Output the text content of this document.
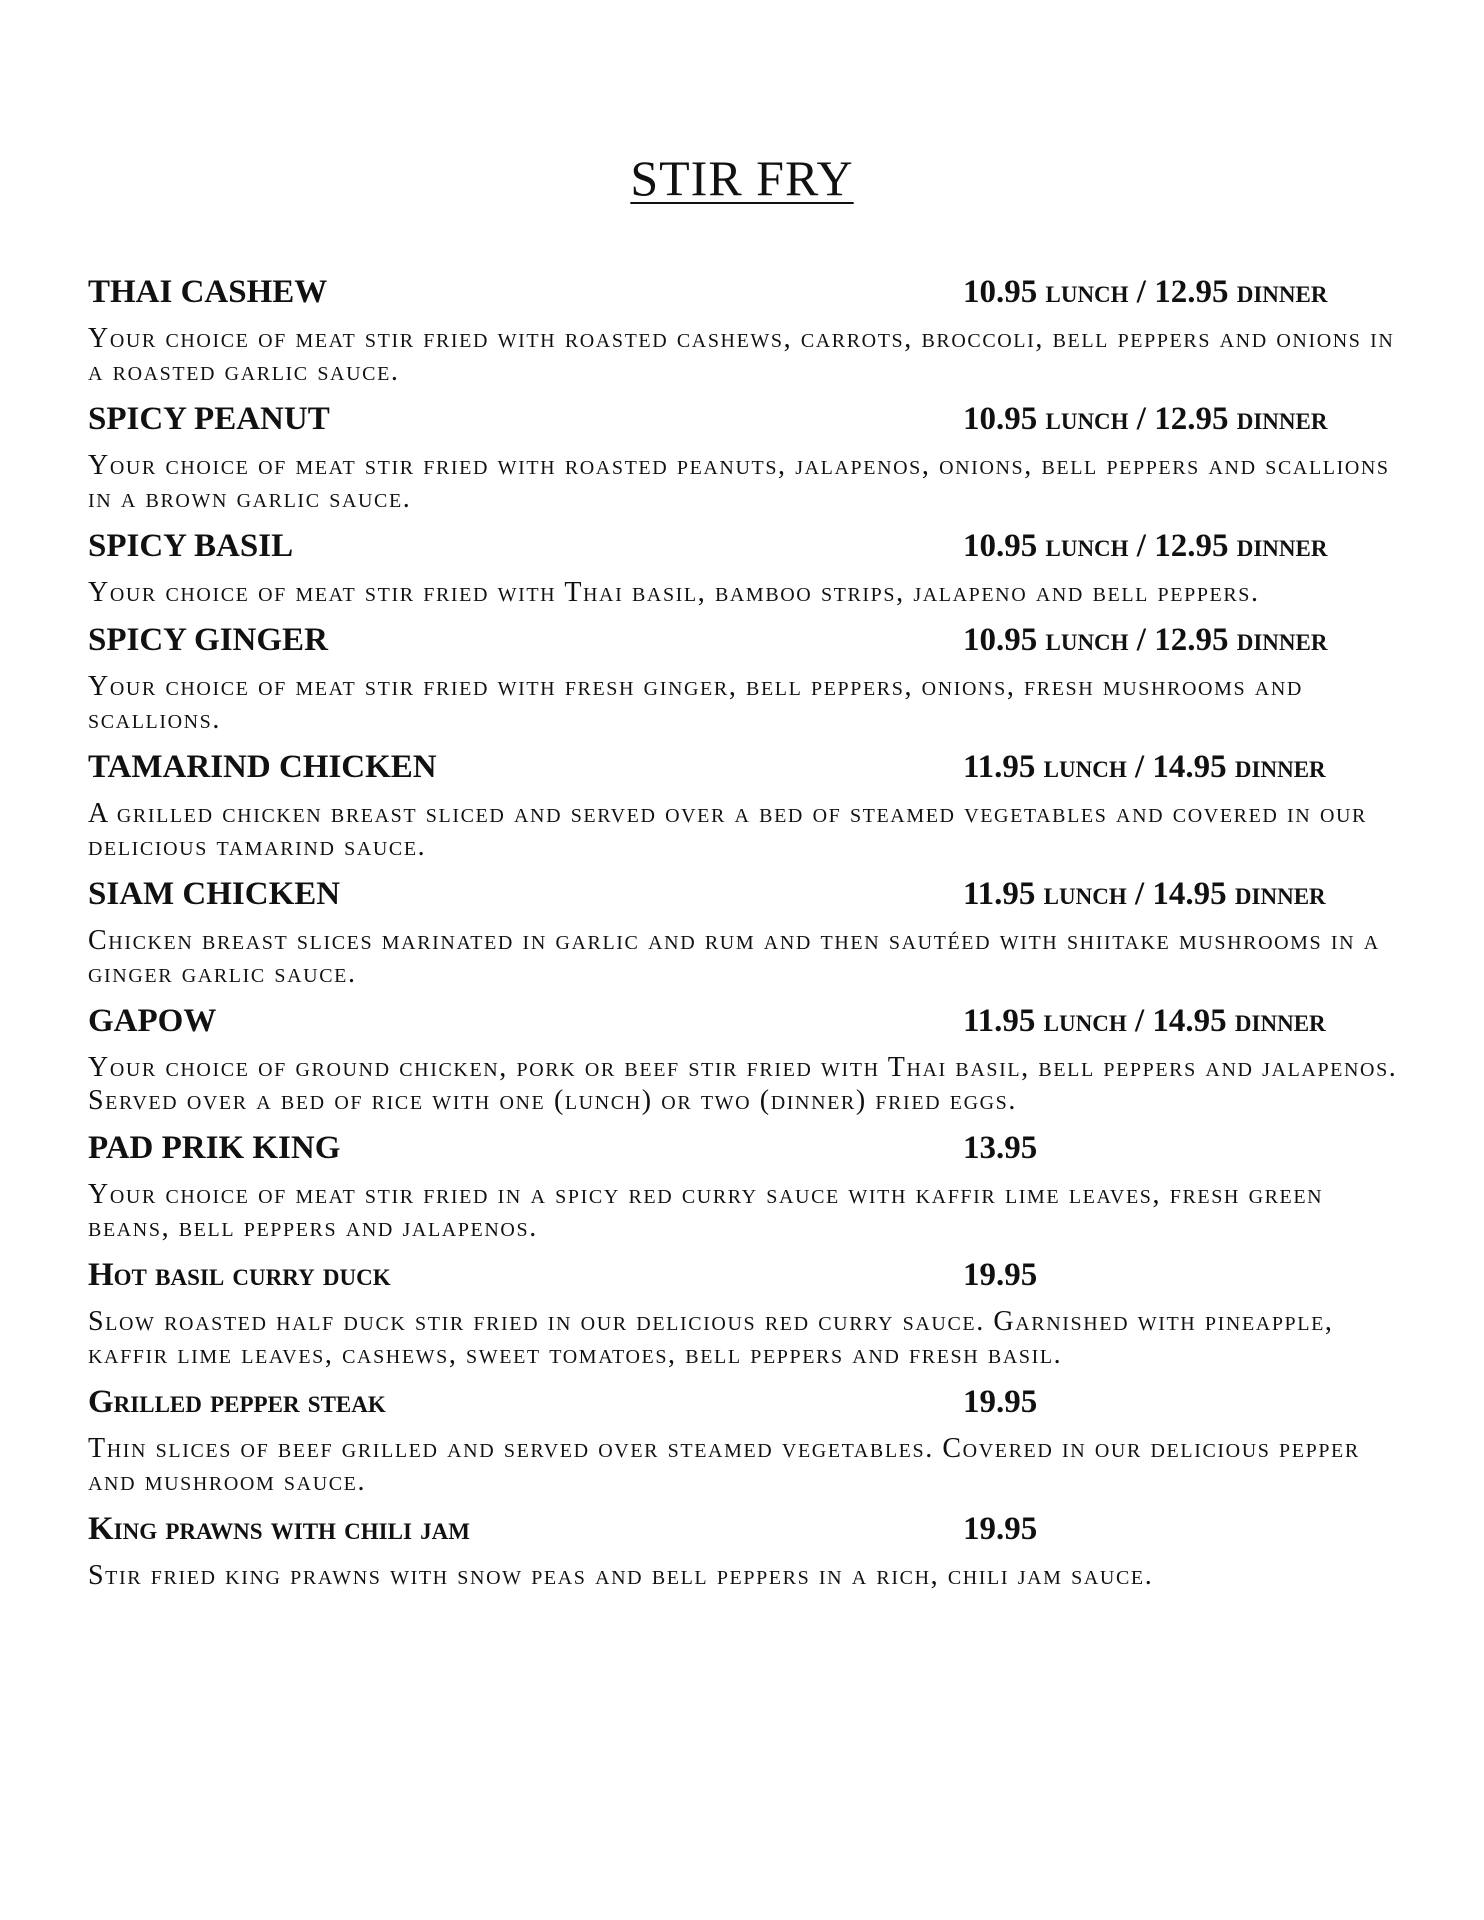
STIR FRY
THAI CASHEW	10.95 lunch / 12.95 dinner

Your choice of meat stir fried with roasted cashews, carrots, broccoli, bell peppers and onions in a roasted garlic sauce.

SPICY PEANUT	10.95 lunch / 12.95 dinner

Your choice of meat stir fried with roasted peanuts, jalapenos, onions, bell peppers and scallions in a brown garlic sauce.

SPICY BASIL	10.95 lunch / 12.95 dinner

Your choice of meat stir fried with Thai basil, bamboo strips, jalapeno and bell peppers.

SPICY GINGER	10.95 lunch / 12.95 dinner

Your choice of meat stir fried with fresh ginger, bell peppers, onions, fresh mushrooms and scallions.

TAMARIND CHICKEN	11.95 lunch / 14.95 dinner

A grilled chicken breast sliced and served over a bed of steamed vegetables and covered in our delicious tamarind sauce.

SIAM CHICKEN	11.95 lunch / 14.95 dinner

Chicken breast slices marinated in garlic and rum and then sautéed with shiitake mushrooms in a ginger garlic sauce.

GAPOW	11.95 lunch / 14.95 dinner

Your choice of ground chicken, pork or beef stir fried with Thai basil, bell peppers and jalapenos. Served over a bed of rice with one (lunch) or two (dinner) fried eggs.

PAD PRIK KING	13.95

Your choice of meat stir fried in a spicy red curry sauce with kaffir lime leaves, fresh green beans, bell peppers and jalapenos.

Hot basil curry duck	19.95

Slow roasted half duck stir fried in our delicious red curry sauce. Garnished with pineapple, kaffir lime leaves, cashews, sweet tomatoes, bell peppers and fresh basil.

Grilled pepper steak	19.95

Thin slices of beef grilled and served over steamed vegetables. Covered in our delicious pepper and mushroom sauce.

King prawns with chili jam	19.95

Stir fried king prawns with snow peas and bell peppers in a rich, chili jam sauce.
